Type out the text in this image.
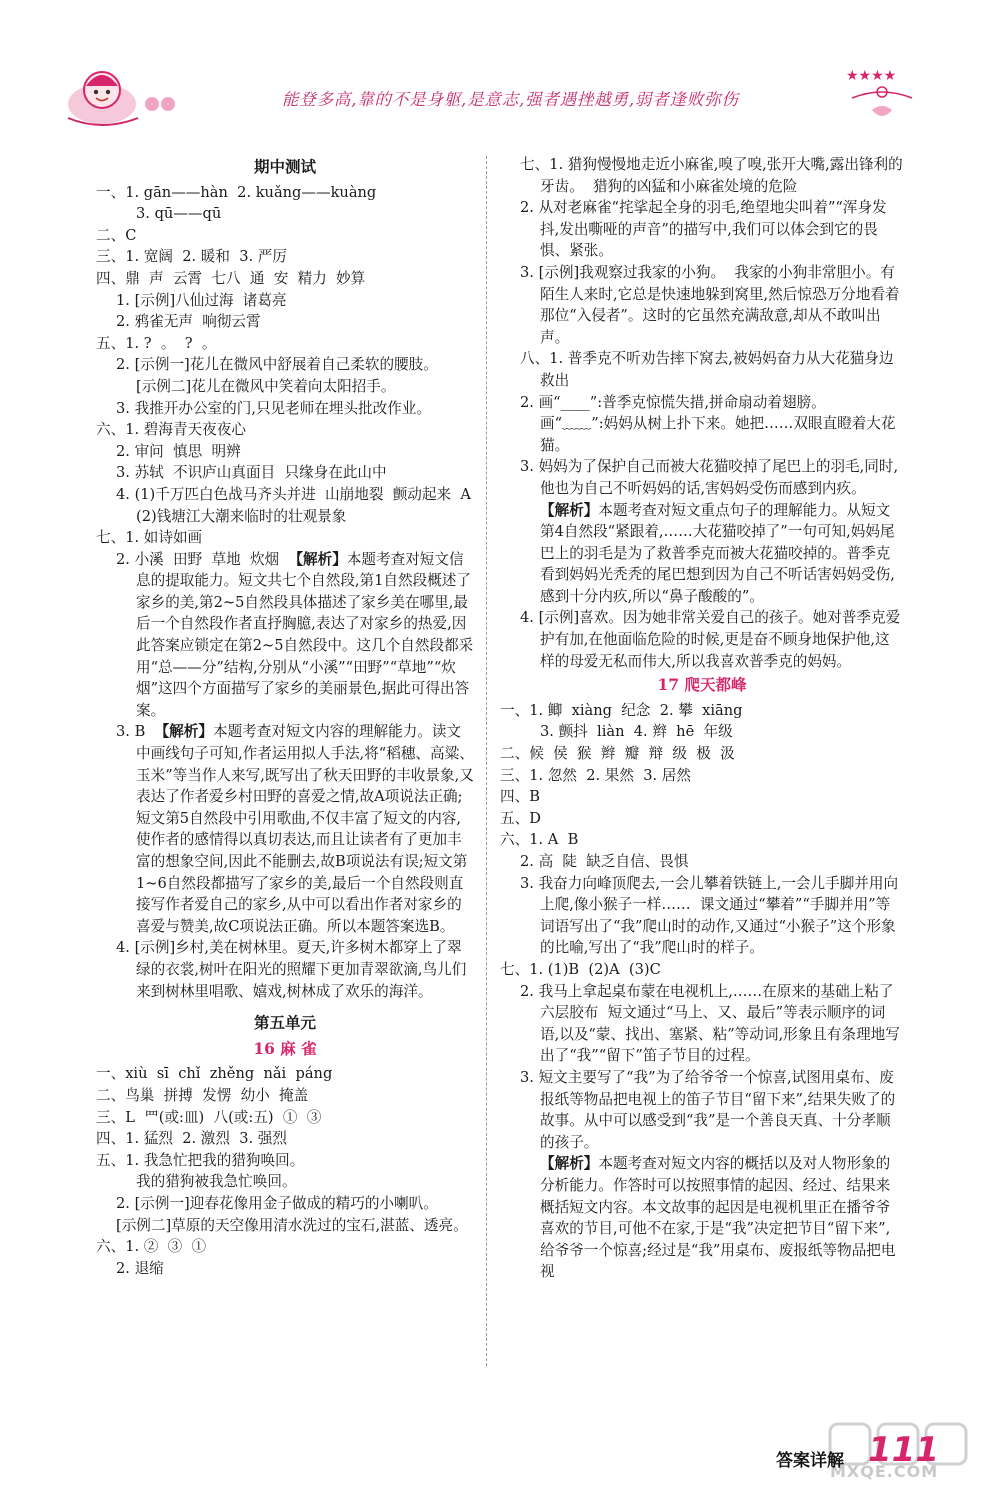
能登多高,靠的不是身躯,是意志,强者遇挫越勇,弱者逢败弥伤
★★★★
期中测试
一、1. gān——hàn  2. kuǎng——kuàng
3. qū——qū
二、C
三、1. 宽阔  2. 暖和  3. 严厉
四、鼎  声  云霄  七八  通  安  精力  妙算
1. [示例]八仙过海  诸葛亮
2. 鸦雀无声  响彻云霄
五、1. ?  。  ?  。
2. [示例一]花儿在微风中舒展着自己柔软的腰肢。
[示例二]花儿在微风中笑着向太阳招手。
3. 我推开办公室的门,只见老师在埋头批改作业。
六、1. 碧海青天夜夜心
2. 审问  慎思  明辨
3. 苏轼  不识庐山真面目  只缘身在此山中
4. (1)千万匹白色战马齐头并进  山崩地裂  颤动起来  A
(2)钱塘江大潮来临时的壮观景象
七、1. 如诗如画
2. 小溪  田野  草地  炊烟  【解析】本题考查对短文信息的提取能力。短文共七个自然段,第1自然段概述了家乡的美,第2~5自然段具体描述了家乡美在哪里,最后一个自然段作者直抒胸臆,表达了对家乡的热爱,因此答案应锁定在第2~5自然段中。这几个自然段都采用“总——分”结构,分别从“小溪”“田野”“草地”“炊烟”这四个方面描写了家乡的美丽景色,据此可得出答案。
3. B  【解析】本题考查对短文内容的理解能力。读文中画线句子可知,作者运用拟人手法,将“稻穗、高粱、玉米”等当作人来写,既写出了秋天田野的丰收景象,又表达了作者爱乡村田野的喜爱之情,故A项说法正确;短文第5自然段中引用歌曲,不仅丰富了短文的内容,使作者的感情得以真切表达,而且让读者有了更加丰富的想象空间,因此不能删去,故B项说法有误;短文第1~6自然段都描写了家乡的美,最后一个自然段则直接写作者爱自己的家乡,从中可以看出作者对家乡的喜爱与赞美,故C项说法正确。所以本题答案选B。
4. [示例]乡村,美在树林里。夏天,许多树木都穿上了翠绿的衣裳,树叶在阳光的照耀下更加青翠欲滴,鸟儿们来到树林里唱歌、嬉戏,树林成了欢乐的海洋。
第五单元
16 麻 雀
一、xiù  sī  chǐ  zhěng  nǎi  páng
二、鸟巢  拼搏  发愣  幼小  掩盖
三、L  罒(或:皿)  八(或:五)  ①  ③
四、1. 猛烈  2. 激烈  3. 强烈
五、1. 我急忙把我的猎狗唤回。
我的猎狗被我急忙唤回。
2. [示例一]迎春花像用金子做成的精巧的小喇叭。
[示例二]草原的天空像用清水洗过的宝石,湛蓝、透亮。
六、1. ②  ③  ①
2. 退缩
七、1. 猎狗慢慢地走近小麻雀,嗅了嗅,张开大嘴,露出锋利的牙齿。  猎狗的凶猛和小麻雀处境的危险
2. 从对老麻雀“挓挲起全身的羽毛,绝望地尖叫着”“浑身发抖,发出嘶哑的声音”的描写中,我们可以体会到它的畏惧、紧张。
3. [示例]我观察过我家的小狗。  我家的小狗非常胆小。有陌生人来时,它总是快速地躲到窝里,然后惊恐万分地看着那位“入侵者”。这时的它虽然充满敌意,却从不敢叫出声。
八、1. 普季克不听劝告摔下窝去,被妈妈奋力从大花猫身边救出
2. 画“____”:普季克惊慌失措,拼命扇动着翅膀。
画“﹏﹏”:妈妈从树上扑下来。她把……双眼直瞪着大花猫。
3. 妈妈为了保护自己而被大花猫咬掉了尾巴上的羽毛,同时,他也为自己不听妈妈的话,害妈妈受伤而感到内疚。
【解析】本题考查对短文重点句子的理解能力。从短文第4自然段“紧跟着,……大花猫咬掉了”一句可知,妈妈尾巴上的羽毛是为了救普季克而被大花猫咬掉的。普季克看到妈妈光秃秃的尾巴想到因为自己不听话害妈妈受伤,感到十分内疚,所以“鼻子酸酸的”。
4. [示例]喜欢。因为她非常关爱自己的孩子。她对普季克爱护有加,在他面临危险的时候,更是奋不顾身地保护他,这样的母爱无私而伟大,所以我喜欢普季克的妈妈。
17 爬天都峰
一、1. 鲫  xiàng  纪念  2. 攀  xiāng
3. 颤抖  liàn  4. 辫  hē  年级
二、候  侯  猴  辫  瓣  辩  级  极  汲
三、1. 忽然  2. 果然  3. 居然
四、B
五、D
六、1. A  B
2. 高  陡  缺乏自信、畏惧
3. 我奋力向峰顶爬去,一会儿攀着铁链上,一会儿手脚并用向上爬,像小猴子一样……  课文通过“攀着”“手脚并用”等词语写出了“我”爬山时的动作,又通过“小猴子”这个形象的比喻,写出了“我”爬山时的样子。
七、1. (1)B  (2)A  (3)C
2. 我马上拿起桌布蒙在电视机上,……在原来的基础上粘了六层胶布  短文通过“马上、又、最后”等表示顺序的词语,以及“蒙、找出、塞紧、粘”等动词,形象且有条理地写出了“我”“留下”笛子节目的过程。
3. 短文主要写了“我”为了给爷爷一个惊喜,试图用桌布、废报纸等物品把电视上的笛子节目“留下来”,结果失败了的故事。从中可以感受到“我”是一个善良天真、十分孝顺的孩子。
【解析】本题考查对短文内容的概括以及对人物形象的分析能力。作答时可以按照事情的起因、经过、结果来概括短文内容。本文故事的起因是电视机里正在播爷爷喜欢的节目,可他不在家,于是“我”决定把节目“留下来”,给爷爷一个惊喜;经过是“我”用桌布、废报纸等物品把电视
MXQE.COM
答案详解 111
